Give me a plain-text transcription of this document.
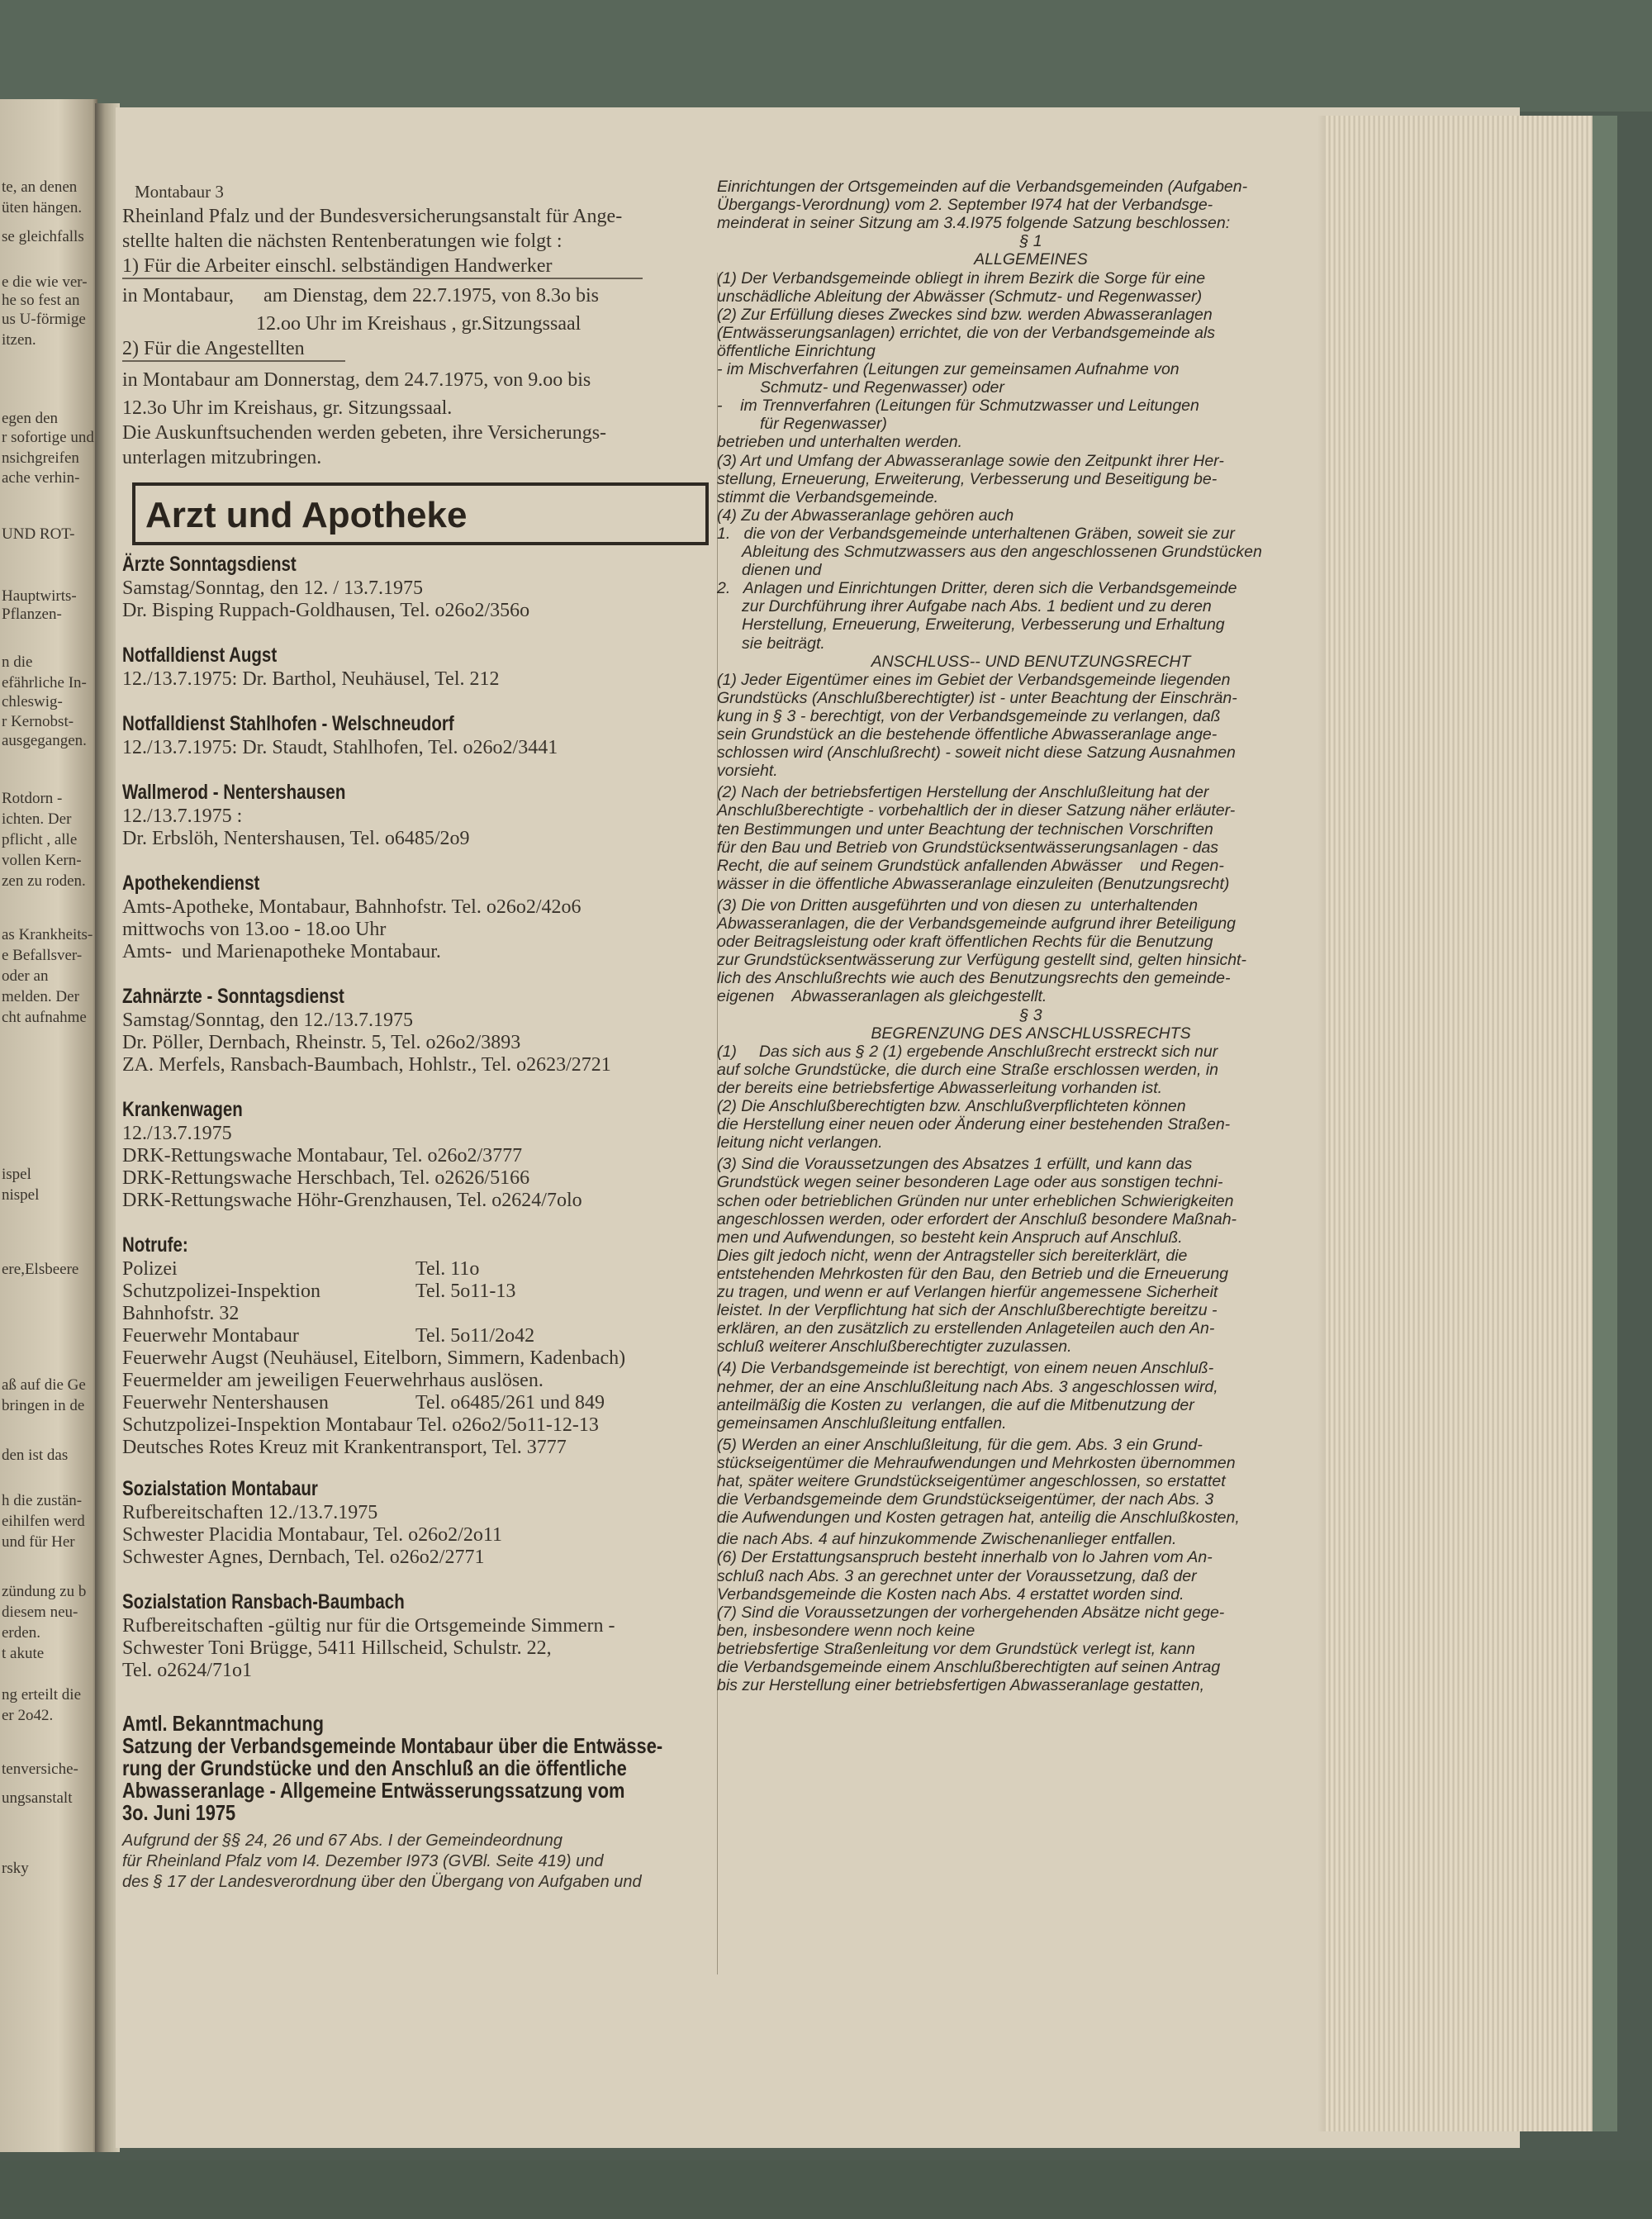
te, an denen
üten hängen.
se gleichfalls
e die wie ver-
he so fest an
us U-förmige
itzen.
egen den
r sofortige und
nsichgreifen
ache verhin-
UND ROT-
Hauptwirts-
Pflanzen-
n die
efährliche In-
chleswig-
r Kernobst-
ausgegangen.
Rotdorn -
ichten. Der
pflicht , alle
vollen Kern-
zen zu roden.
as Krankheits-
e Befallsver-
oder an
melden. Der
cht aufnahme
ispel
nispel
ere,Elsbeere
aß auf die Ge
bringen in de
den ist das
h die zustän-
eihilfen werd
und für Her
zündung zu b
diesem neu-
erden.
t akute
ng erteilt die
er 2o42.
tenversiche-
ungsanstalt
rsky
Montabaur 3
Rheinland Pfalz und der Bundesversicherungsanstalt für Ange-
stellte halten die nächsten Rentenberatungen wie folgt :
1) Für die Arbeiter einschl. selbständigen Handwerker
in Montabaur,      am Dienstag, dem 22.7.1975, von 8.3o bis
12.oo Uhr im Kreishaus , gr.Sitzungssaal
2) Für die Angestellten
in Montabaur am Donnerstag, dem 24.7.1975, von 9.oo bis
12.3o Uhr im Kreishaus, gr. Sitzungssaal.
Die Auskunftsuchenden werden gebeten, ihre Versicherungs-
unterlagen mitzubringen.
Arzt und Apotheke
Ärzte Sonntagsdienst
Samstag/Sonntag, den 12. / 13.7.1975
Dr. Bisping Ruppach-Goldhausen, Tel. o26o2/356o
Notfalldienst Augst
12./13.7.1975: Dr. Barthol, Neuhäusel, Tel. 212
Notfalldienst Stahlhofen - Welschneudorf
12./13.7.1975: Dr. Staudt, Stahlhofen, Tel. o26o2/3441
Wallmerod - Nentershausen
12./13.7.1975 :
Dr. Erbslöh, Nentershausen, Tel. o6485/2o9
Apothekendienst
Amts-Apotheke, Montabaur, Bahnhofstr. Tel. o26o2/42o6
mittwochs von 13.oo - 18.oo Uhr
Amts-  und Marienapotheke Montabaur.
Zahnärzte - Sonntagsdienst
Samstag/Sonntag, den 12./13.7.1975
Dr. Pöller, Dernbach, Rheinstr. 5, Tel. o26o2/3893
ZA. Merfels, Ransbach-Baumbach, Hohlstr., Tel. o2623/2721
Krankenwagen
12./13.7.1975
DRK-Rettungswache Montabaur, Tel. o26o2/3777
DRK-Rettungswache Herschbach, Tel. o2626/5166
DRK-Rettungswache Höhr-Grenzhausen, Tel. o2624/7olo
Notrufe:
Polizei	Tel. 11o
Schutzpolizei-Inspektion	Tel. 5o11-13
Bahnhofstr. 32
Feuerwehr Montabaur	Tel. 5o11/2o42
Feuerwehr Augst (Neuhäusel, Eitelborn, Simmern, Kadenbach)
Feuermelder am jeweiligen Feuerwehrhaus auslösen.
Feuerwehr Nentershausen	Tel. o6485/261 und 849
Schutzpolizei-Inspektion Montabaur Tel. o26o2/5o11-12-13
Deutsches Rotes Kreuz mit Krankentransport, Tel. 3777
Sozialstation Montabaur
Rufbereitschaften 12./13.7.1975
Schwester Placidia Montabaur, Tel. o26o2/2o11
Schwester Agnes, Dernbach, Tel. o26o2/2771
Sozialstation Ransbach-Baumbach
Rufbereitschaften -gültig nur für die Ortsgemeinde Simmern -
Schwester Toni Brügge, 5411 Hillscheid, Schulstr. 22,
Tel. o2624/71o1
Amtl. Bekanntmachung
Satzung der Verbandsgemeinde Montabaur über die Entwässe-
rung der Grundstücke und den Anschluß an die öffentliche
Abwasseranlage - Allgemeine Entwässerungssatzung vom
3o. Juni 1975
Aufgrund der §§ 24, 26 und 67 Abs. I der Gemeindeordnung
für Rheinland Pfalz vom I4. Dezember I973 (GVBl. Seite 419) und
des § 17 der Landesverordnung über den Übergang von Aufgaben und
Einrichtungen der Ortsgemeinden auf die Verbandsgemeinden (Aufgaben-
Übergangs-Verordnung) vom 2. September I974 hat der Verbandsge-
meinderat in seiner Sitzung am 3.4.I975 folgende Satzung beschlossen:
§ 1
ALLGEMEINES
(1) Der Verbandsgemeinde obliegt in ihrem Bezirk die Sorge für eine
unschädliche Ableitung der Abwässer (Schmutz- und Regenwasser)
(2) Zur Erfüllung dieses Zweckes sind bzw. werden Abwasseranlagen
(Entwässerungsanlagen) errichtet, die von der Verbandsgemeinde als
öffentliche Einrichtung
- im Mischverfahren (Leitungen zur gemeinsamen Aufnahme von
Schmutz- und Regenwasser) oder
-    im Trennverfahren (Leitungen für Schmutzwasser und Leitungen
für Regenwasser)
betrieben und unterhalten werden.
(3) Art und Umfang der Abwasseranlage sowie den Zeitpunkt ihrer Her-
stellung, Erneuerung, Erweiterung, Verbesserung und Beseitigung be-
stimmt die Verbandsgemeinde.
(4) Zu der Abwasseranlage gehören auch
1.   die von der Verbandsgemeinde unterhaltenen Gräben, soweit sie zur
Ableitung des Schmutzwassers aus den angeschlossenen Grundstücken
dienen und
2.   Anlagen und Einrichtungen Dritter, deren sich die Verbandsgemeinde
zur Durchführung ihrer Aufgabe nach Abs. 1 bedient und zu deren
Herstellung, Erneuerung, Erweiterung, Verbesserung und Erhaltung
sie beiträgt.
ANSCHLUSS-- UND BENUTZUNGSRECHT
(1) Jeder Eigentümer eines im Gebiet der Verbandsgemeinde liegenden
Grundstücks (Anschlußberechtigter) ist - unter Beachtung der Einschrän-
kung in § 3 - berechtigt, von der Verbandsgemeinde zu verlangen, daß
sein Grundstück an die bestehende öffentliche Abwasseranlage ange-
schlossen wird (Anschlußrecht) - soweit nicht diese Satzung Ausnahmen
vorsieht.
(2) Nach der betriebsfertigen Herstellung der Anschlußleitung hat der
Anschlußberechtigte - vorbehaltlich der in dieser Satzung näher erläuter-
ten Bestimmungen und unter Beachtung der technischen Vorschriften
für den Bau und Betrieb von Grundstücksentwässerungsanlagen - das
Recht, die auf seinem Grundstück anfallenden Abwässer    und Regen-
wässer in die öffentliche Abwasseranlage einzuleiten (Benutzungsrecht)
(3) Die von Dritten ausgeführten und von diesen zu  unterhaltenden
Abwasseranlagen, die der Verbandsgemeinde aufgrund ihrer Beteiligung
oder Beitragsleistung oder kraft öffentlichen Rechts für die Benutzung
zur Grundstücksentwässerung zur Verfügung gestellt sind, gelten hinsicht-
lich des Anschlußrechts wie auch des Benutzungsrechts den gemeinde-
eigenen    Abwasseranlagen als gleichgestellt.
§ 3
BEGRENZUNG DES ANSCHLUSSRECHTS
(1)     Das sich aus § 2 (1) ergebende Anschlußrecht erstreckt sich nur
auf solche Grundstücke, die durch eine Straße erschlossen werden, in
der bereits eine betriebsfertige Abwasserleitung vorhanden ist.
(2) Die Anschlußberechtigten bzw. Anschlußverpflichteten können
die Herstellung einer neuen oder Änderung einer bestehenden Straßen-
leitung nicht verlangen.
(3) Sind die Voraussetzungen des Absatzes 1 erfüllt, und kann das
Grundstück wegen seiner besonderen Lage oder aus sonstigen techni-
schen oder betrieblichen Gründen nur unter erheblichen Schwierigkeiten
angeschlossen werden, oder erfordert der Anschluß besondere Maßnah-
men und Aufwendungen, so besteht kein Anspruch auf Anschluß.
Dies gilt jedoch nicht, wenn der Antragsteller sich bereiterklärt, die
entstehenden Mehrkosten für den Bau, den Betrieb und die Erneuerung
zu tragen, und wenn er auf Verlangen hierfür angemessene Sicherheit
leistet. In der Verpflichtung hat sich der Anschlußberechtigte bereitzu -
erklären, an den zusätzlich zu erstellenden Anlageteilen auch den An-
schluß weiterer Anschlußberechtigter zuzulassen.
(4) Die Verbandsgemeinde ist berechtigt, von einem neuen Anschluß-
nehmer, der an eine Anschlußleitung nach Abs. 3 angeschlossen wird,
anteilmäßig die Kosten zu  verlangen, die auf die Mitbenutzung der
gemeinsamen Anschlußleitung entfallen.
(5) Werden an einer Anschlußleitung, für die gem. Abs. 3 ein Grund-
stückseigentümer die Mehraufwendungen und Mehrkosten übernommen
hat, später weitere Grundstückseigentümer angeschlossen, so erstattet
die Verbandsgemeinde dem Grundstückseigentümer, der nach Abs. 3
die Aufwendungen und Kosten getragen hat, anteilig die Anschlußkosten,
die nach Abs. 4 auf hinzukommende Zwischenanlieger entfallen.
(6) Der Erstattungsanspruch besteht innerhalb von lo Jahren vom An-
schluß nach Abs. 3 an gerechnet unter der Voraussetzung, daß der
Verbandsgemeinde die Kosten nach Abs. 4 erstattet worden sind.
(7) Sind die Voraussetzungen der vorhergehenden Absätze nicht gege-
ben, insbesondere wenn noch keine
betriebsfertige Straßenleitung vor dem Grundstück verlegt ist, kann
die Verbandsgemeinde einem Anschlußberechtigten auf seinen Antrag
bis zur Herstellung einer betriebsfertigen Abwasseranlage gestatten,
